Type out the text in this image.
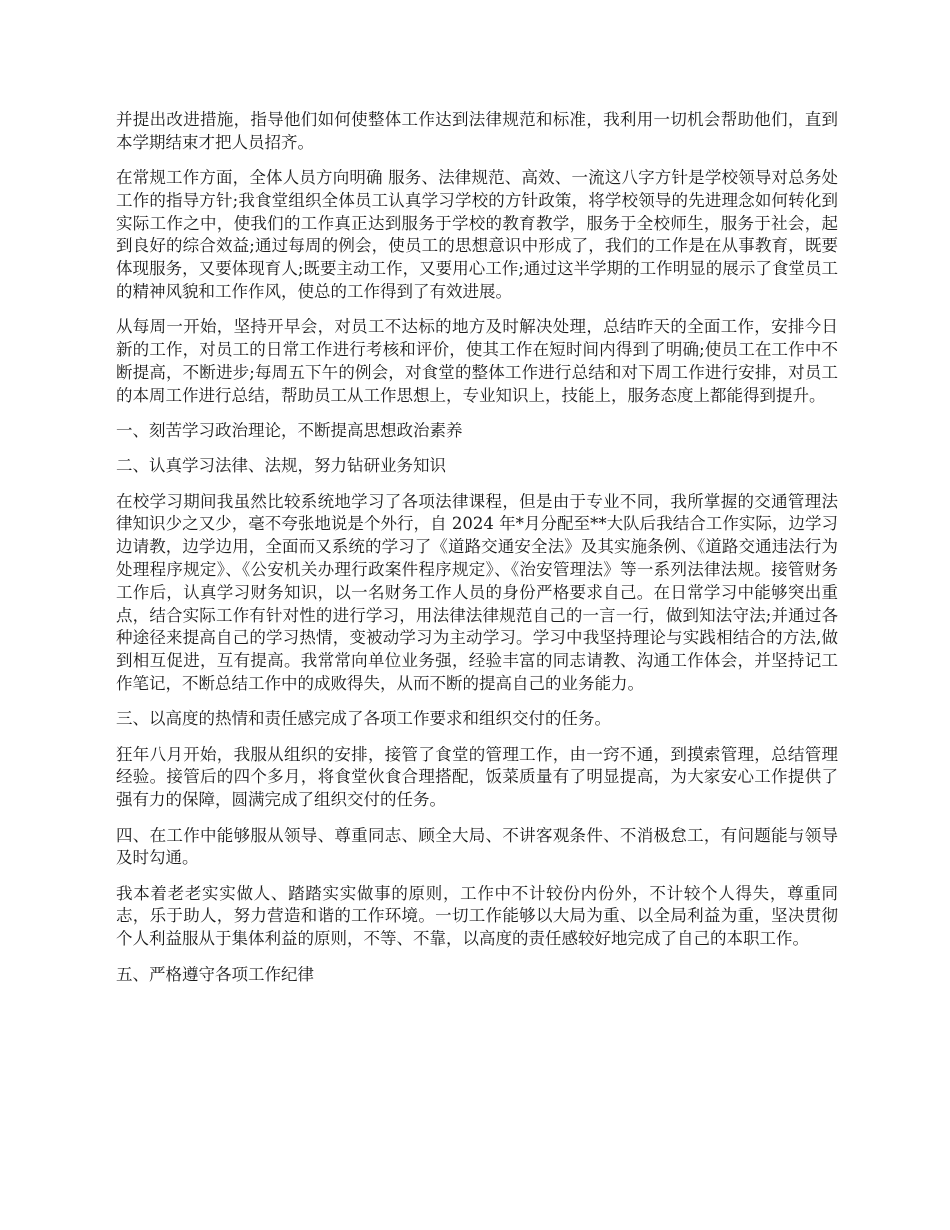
并提出改进措施，指导他们如何使整体工作达到法律规范和标准，我利用一切机会帮助他们，直到本学期结束才把人员招齐。

在常规工作方面，全体人员方向明确 服务、法律规范、高效、一流这八字方针是学校领导对总务处工作的指导方针;我食堂组织全体员工认真学习学校的方针政策，将学校领导的先进理念如何转化到实际工作之中，使我们的工作真正达到服务于学校的教育教学，服务于全校师生，服务于社会，起到良好的综合效益;通过每周的例会，使员工的思想意识中形成了，我们的工作是在从事教育，既要体现服务，又要体现育人;既要主动工作，又要用心工作;通过这半学期的工作明显的展示了食堂员工的精神风貌和工作作风，使总的工作得到了有效进展。

从每周一开始，坚持开早会，对员工不达标的地方及时解决处理，总结昨天的全面工作，安排今日新的工作，对员工的日常工作进行考核和评价，使其工作在短时间内得到了明确;使员工在工作中不断提高，不断进步;每周五下午的例会，对食堂的整体工作进行总结和对下周工作进行安排，对员工的本周工作进行总结，帮助员工从工作思想上，专业知识上，技能上，服务态度上都能得到提升。

一、刻苦学习政治理论，不断提高思想政治素养

二、认真学习法律、法规，努力钻研业务知识

在校学习期间我虽然比较系统地学习了各项法律课程，但是由于专业不同，我所掌握的交通管理法律知识少之又少，毫不夸张地说是个外行，自 2024 年*月分配至**大队后我结合工作实际，边学习边请教，边学边用，全面而又系统的学习了《道路交通安全法》及其实施条例、《道路交通违法行为处理程序规定》、《公安机关办理行政案件程序规定》、《治安管理法》等一系列法律法规。接管财务工作后，认真学习财务知识，以一名财务工作人员的身份严格要求自己。在日常学习中能够突出重点，结合实际工作有针对性的进行学习，用法律法律规范自己的一言一行，做到知法守法;并通过各种途径来提高自己的学习热情，变被动学习为主动学习。学习中我坚持理论与实践相结合的方法,做到相互促进，互有提高。我常常向单位业务强，经验丰富的同志请教、沟通工作体会，并坚持记工作笔记，不断总结工作中的成败得失，从而不断的提高自己的业务能力。

三、以高度的热情和责任感完成了各项工作要求和组织交付的任务。

狂年八月开始，我服从组织的安排，接管了食堂的管理工作，由一窍不通，到摸索管理，总结管理经验。接管后的四个多月，将食堂伙食合理搭配，饭菜质量有了明显提高，为大家安心工作提供了强有力的保障，圆满完成了组织交付的任务。

四、在工作中能够服从领导、尊重同志、顾全大局、不讲客观条件、不消极怠工，有问题能与领导及时勾通。

我本着老老实实做人、踏踏实实做事的原则，工作中不计较份内份外，不计较个人得失，尊重同志，乐于助人，努力营造和谐的工作环境。一切工作能够以大局为重、以全局利益为重，坚决贯彻个人利益服从于集体利益的原则，不等、不靠，以高度的责任感较好地完成了自己的本职工作。

五、严格遵守各项工作纪律
